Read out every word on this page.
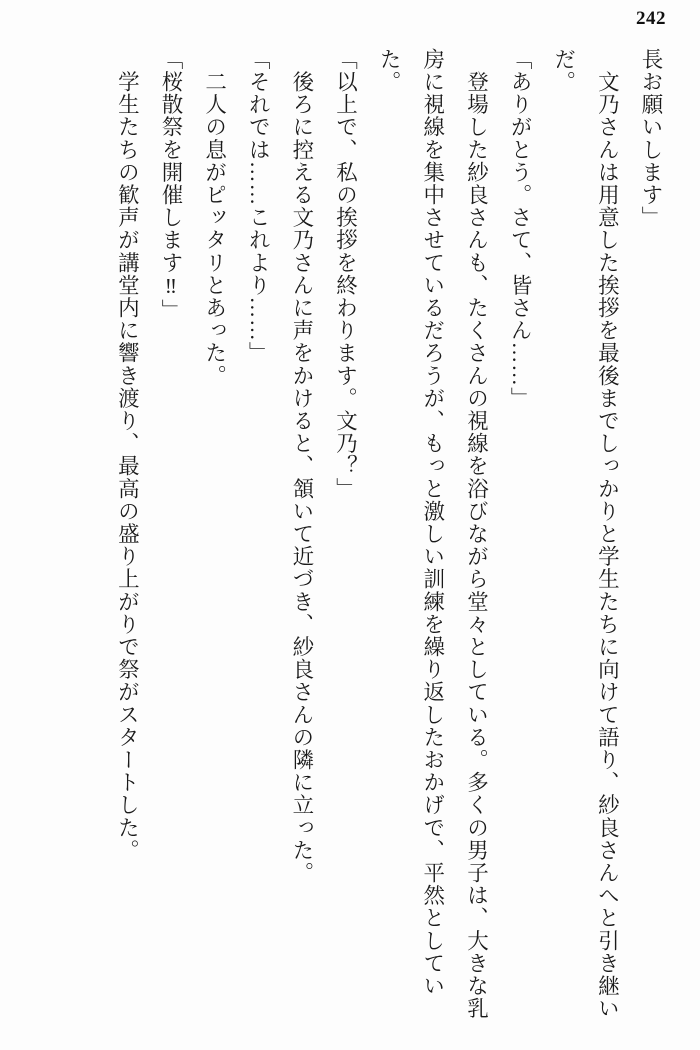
242

長お願いします」

　文乃さんは用意した挨拶を最後までしっかりと学生たちに向けて語り、紗良さんへと引き継いだ。

「ありがとう。さて、皆さん……」

　登場した紗良さんも、たくさんの視線を浴びながら堂々としている。多くの男子は、大きな乳房に視線を集中させているだろうが、もっと激しい訓練を繰り返したおかげで、平然としていた。

「以上で、私の挨拶を終わります。文乃？」

　後ろに控える文乃さんに声をかけると、頷いて近づき、紗良さんの隣に立った。

「それでは……これより……」

　二人の息がピッタリとあった。

「桜散祭を開催します‼」

　学生たちの歓声が講堂内に響き渡り、最高の盛り上がりで祭がスタートした。
